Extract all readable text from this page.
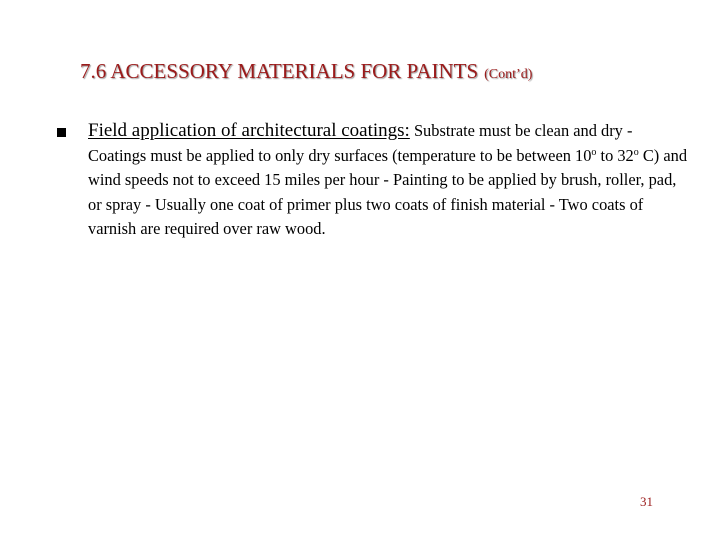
7.6 ACCESSORY MATERIALS FOR PAINTS (Cont’d)

Field application of architectural coatings: Substrate must be clean and dry - Coatings must be applied to only dry surfaces (temperature to be between 10$^o$ to 32$^o$ C) and wind speeds not to exceed 15 miles per hour - Painting to be applied by brush, roller, pad, or spray - Usually one coat of primer plus two coats of finish material - Two coats of varnish are required over raw wood.

31
